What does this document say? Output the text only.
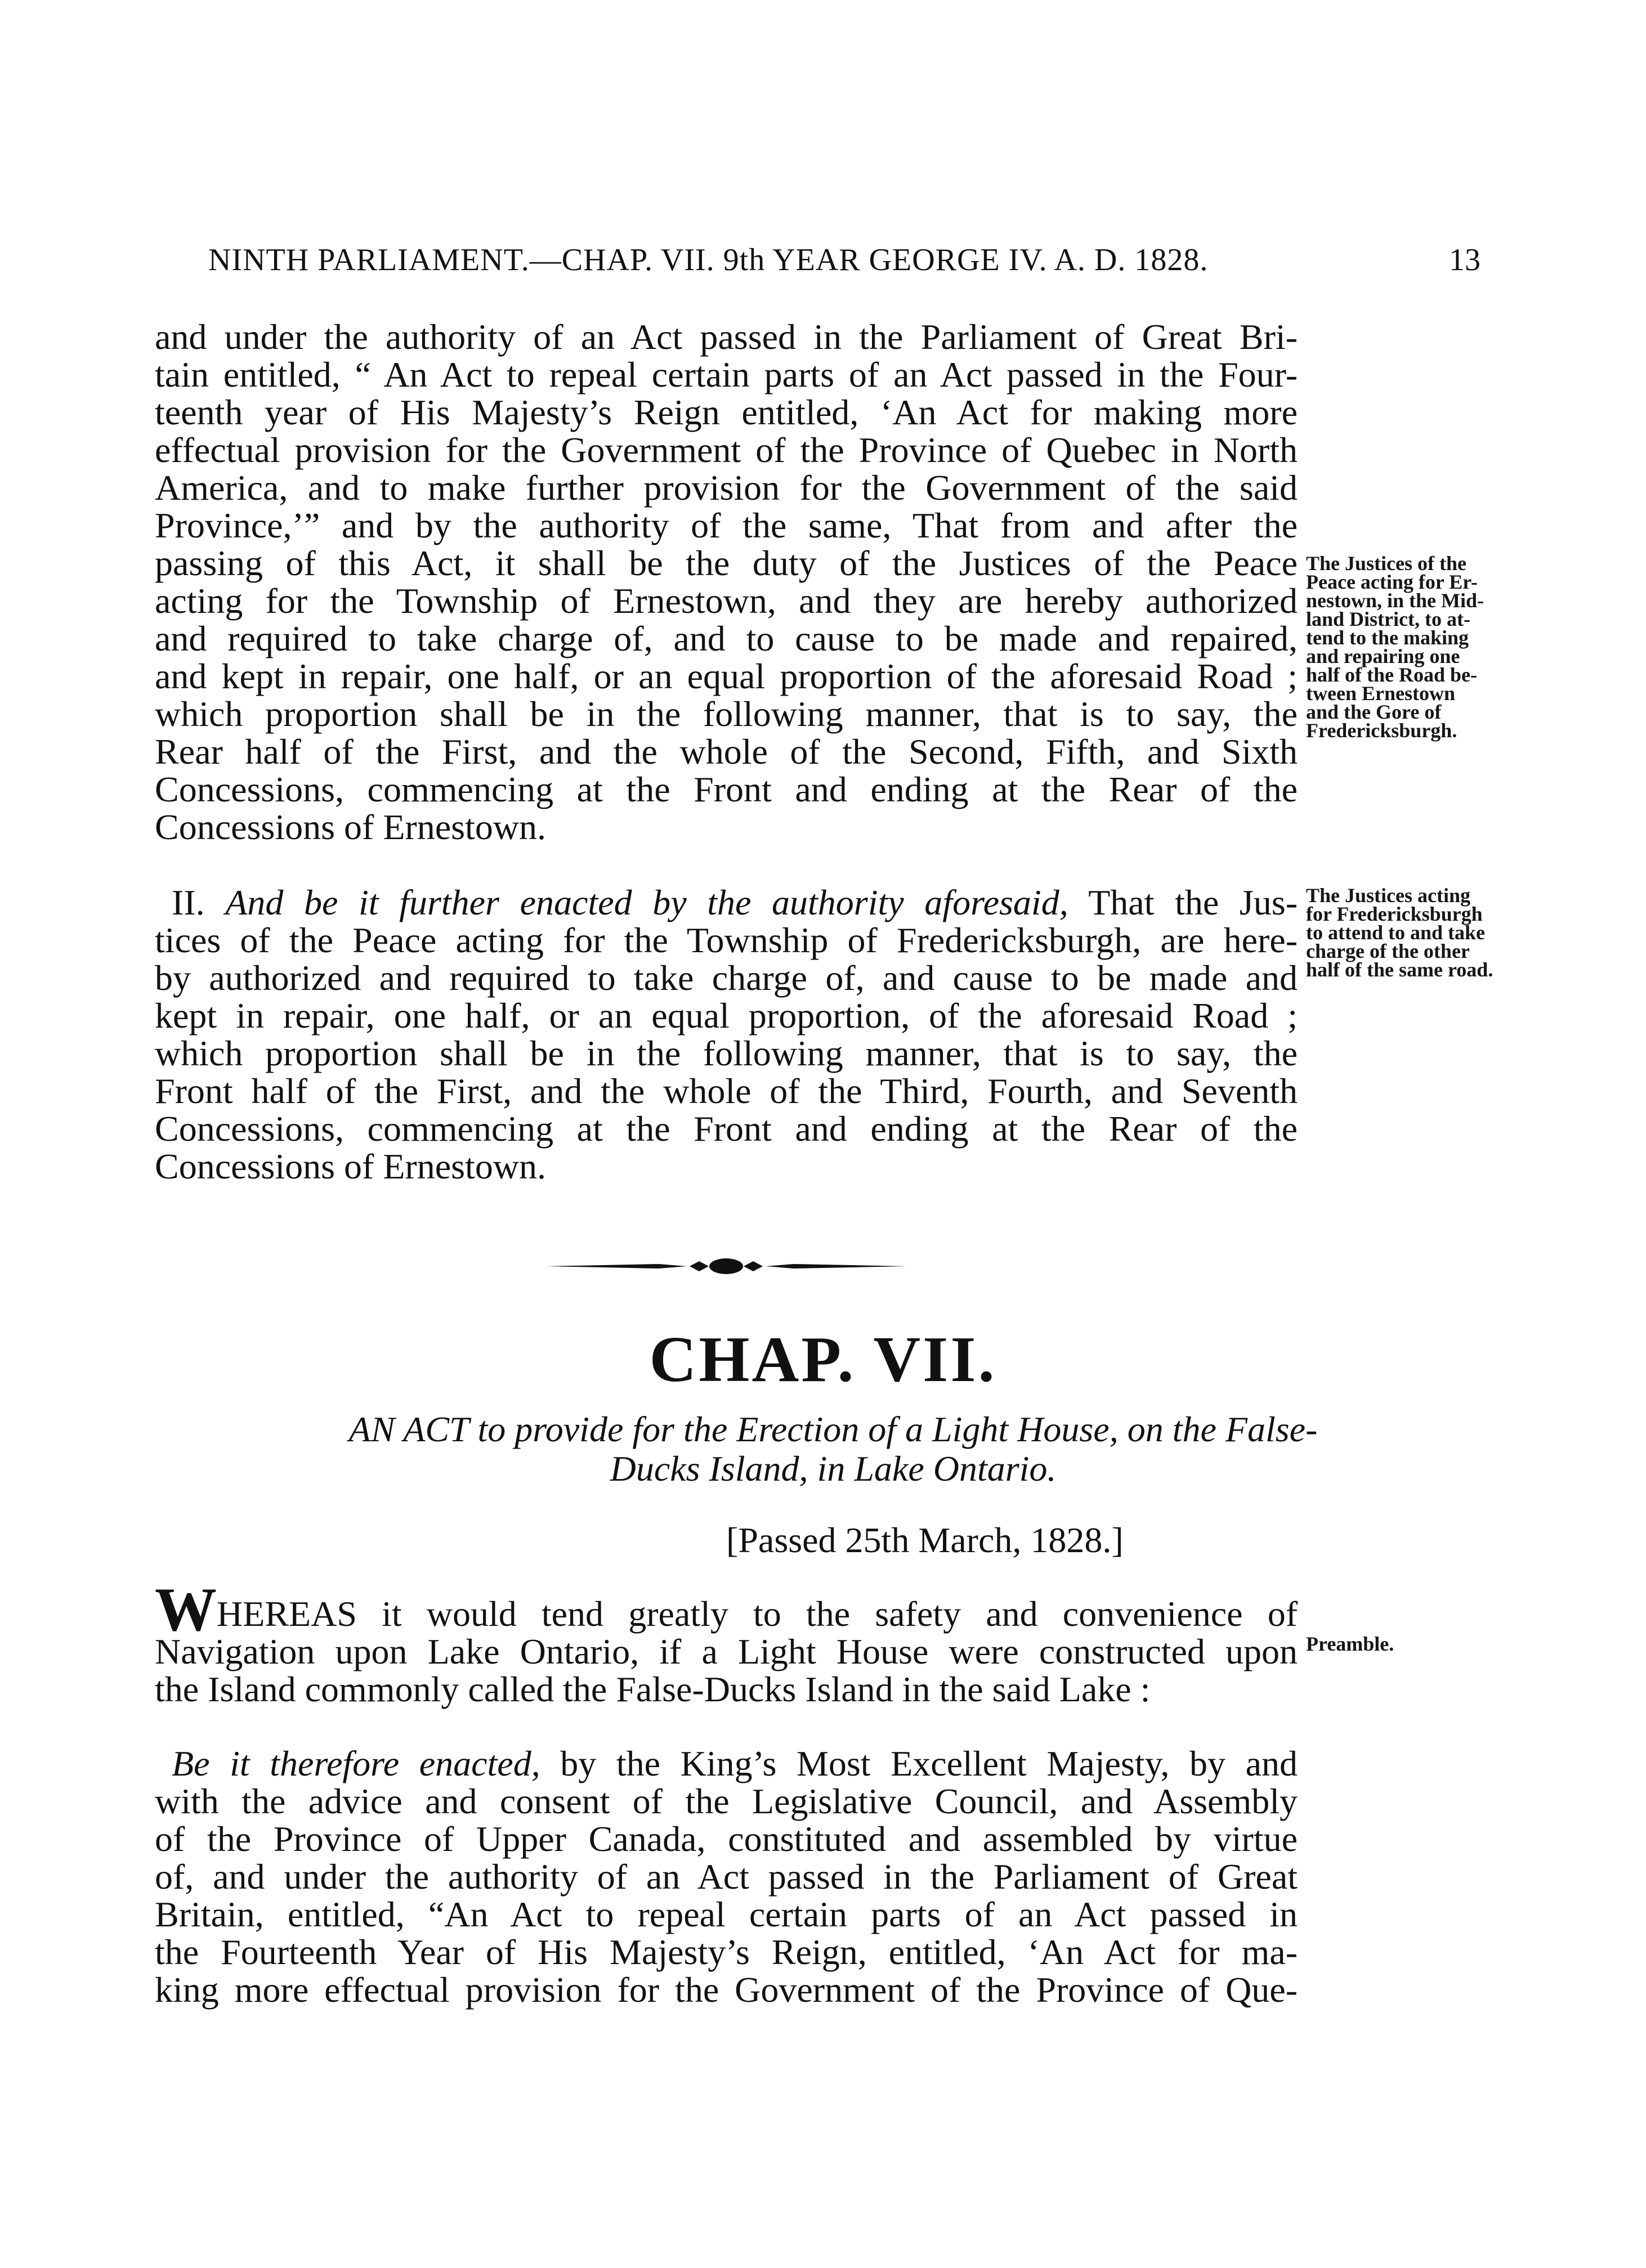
NINTH PARLIAMENT.—CHAP. VII. 9th YEAR GEORGE IV. A. D. 1828.	13
and under the authority of an Act passed in the Parliament of Great Bri-
tain entitled, “ An Act to repeal certain parts of an Act passed in the Four-
teenth year of His Majesty’s Reign entitled, ‘An Act for making more
effectual provision for the Government of the Province of Quebec in North
America, and to make further provision for the Government of the said
Province,’” and by the authority of the same, That from and after the
passing of this Act, it shall be the duty of the Justices of the Peace
acting for the Township of Ernestown, and they are hereby authorized
and required to take charge of, and to cause to be made and repaired,
and kept in repair, one half, or an equal proportion of the aforesaid Road ;
which proportion shall be in the following manner, that is to say, the
Rear half of the First, and the whole of the Second, Fifth, and Sixth
Concessions, commencing at the Front and ending at the Rear of the
Concessions of Ernestown.
The Justices of the
Peace acting for Er-
nestown, in the Mid-
land District, to at-
tend to the making
and repairing one
half of the Road be-
tween Ernestown
and the Gore of
Fredericksburgh.
II. And be it further enacted by the authority aforesaid, That the Jus-
tices of the Peace acting for the Township of Fredericksburgh, are here-
by authorized and required to take charge of, and cause to be made and
kept in repair, one half, or an equal proportion, of the aforesaid Road ;
which proportion shall be in the following manner, that is to say, the
Front half of the First, and the whole of the Third, Fourth, and Seventh
Concessions, commencing at the Front and ending at the Rear of the
Concessions of Ernestown.
The Justices acting
for Fredericksburgh
to attend to and take
charge of the other
half of the same road.
CHAP. VII.
AN ACT to provide for the Erection of a Light House, on the False-
Ducks Island, in Lake Ontario.
[Passed 25th March, 1828.]
WHEREAS it would tend greatly to the safety and convenience of
Navigation upon Lake Ontario, if a Light House were constructed upon
the Island commonly called the False-Ducks Island in the said Lake :
Preamble.
Be it therefore enacted, by the King’s Most Excellent Majesty, by and
with the advice and consent of the Legislative Council, and Assembly
of the Province of Upper Canada, constituted and assembled by virtue
of, and under the authority of an Act passed in the Parliament of Great
Britain, entitled, “An Act to repeal certain parts of an Act passed in
the Fourteenth Year of His Majesty’s Reign, entitled, ‘An Act for ma-
king more effectual provision for the Government of the Province of Que-
